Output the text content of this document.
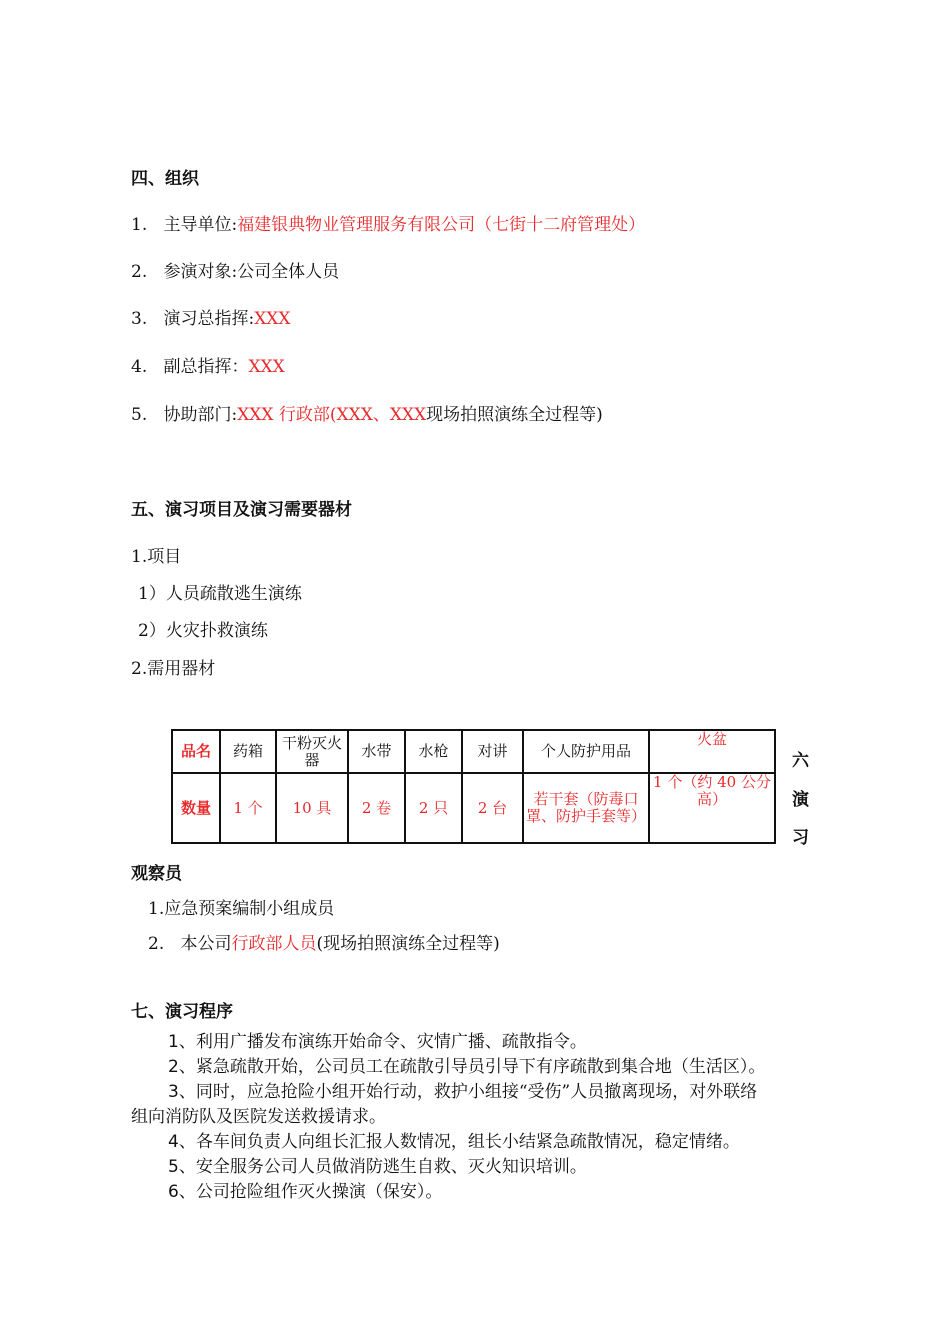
四、组织
1. 主导单位:福建银典物业管理服务有限公司（七街十二府管理处）
2. 参演对象:公司全体人员
3. 演习总指挥:XXX
4. 副总指挥：XXX
5. 协助部门:XXX 行政部(XXX、XXX现场拍照演练全过程等)
五、演习项目及演习需要器材
1.项目
1）人员疏散逃生演练
2）火灾扑救演练
2.需用器材
品名	药箱	干粉灭火器	水带	水枪	对讲	个人防护用品	火盆
数量	1 个	10 具	2 卷	2 只	2 台	若干套（防毒口罩、防护手套等）	1 个（约 40 公分高）
六
演
习
观察员
1.应急预案编制小组成员
2. 本公司行政部人员(现场拍照演练全过程等)
七、演习程序
1、利用广播发布演练开始命令、灾情广播、疏散指令。
2、紧急疏散开始，公司员工在疏散引导员引导下有序疏散到集合地（生活区）。
3、同时，应急抢险小组开始行动，救护小组接“受伤”人员撤离现场，对外联络
组向消防队及医院发送救援请求。
4、各车间负责人向组长汇报人数情况，组长小结紧急疏散情况，稳定情绪。
5、安全服务公司人员做消防逃生自救、灭火知识培训。
6、公司抢险组作灭火操演（保安）。
